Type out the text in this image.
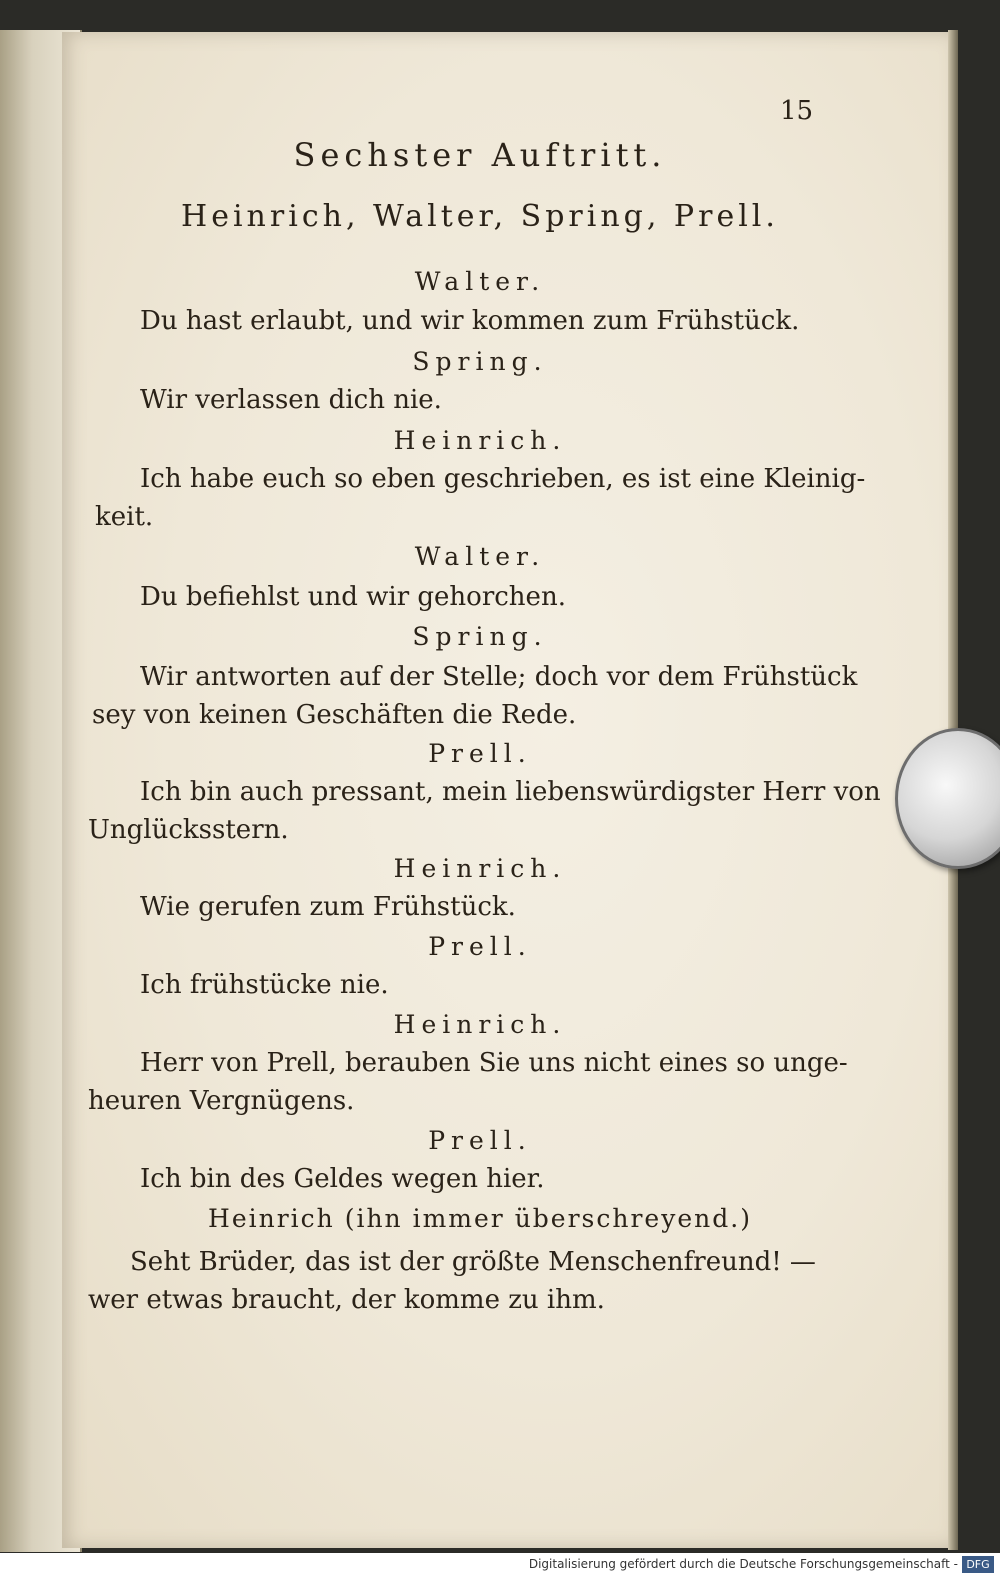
15
Sechster Auftritt.
Heinrich, Walter, Spring, Prell.
Walter.
Du hast erlaubt, und wir kommen zum Frühstück.
Spring.
Wir verlassen dich nie.
Heinrich.
Ich habe euch so eben geschrieben, es ist eine Kleinig-
keit.
Walter.
Du befiehlst und wir gehorchen.
Spring.
Wir antworten auf der Stelle; doch vor dem Frühstück
sey von keinen Geschäften die Rede.
Prell.
Ich bin auch pressant, mein liebenswürdigster Herr von
Unglücksstern.
Heinrich.
Wie gerufen zum Frühstück.
Prell.
Ich frühstücke nie.
Heinrich.
Herr von Prell, berauben Sie uns nicht eines so unge-
heuren Vergnügens.
Prell.
Ich bin des Geldes wegen hier.
Heinrich (ihn immer überschreyend.)
Seht Brüder, das ist der größte Menschenfreund! —
wer etwas braucht, der komme zu ihm.
Digitalisierung gefördert durch die Deutsche Forschungsgemeinschaft - DFG
